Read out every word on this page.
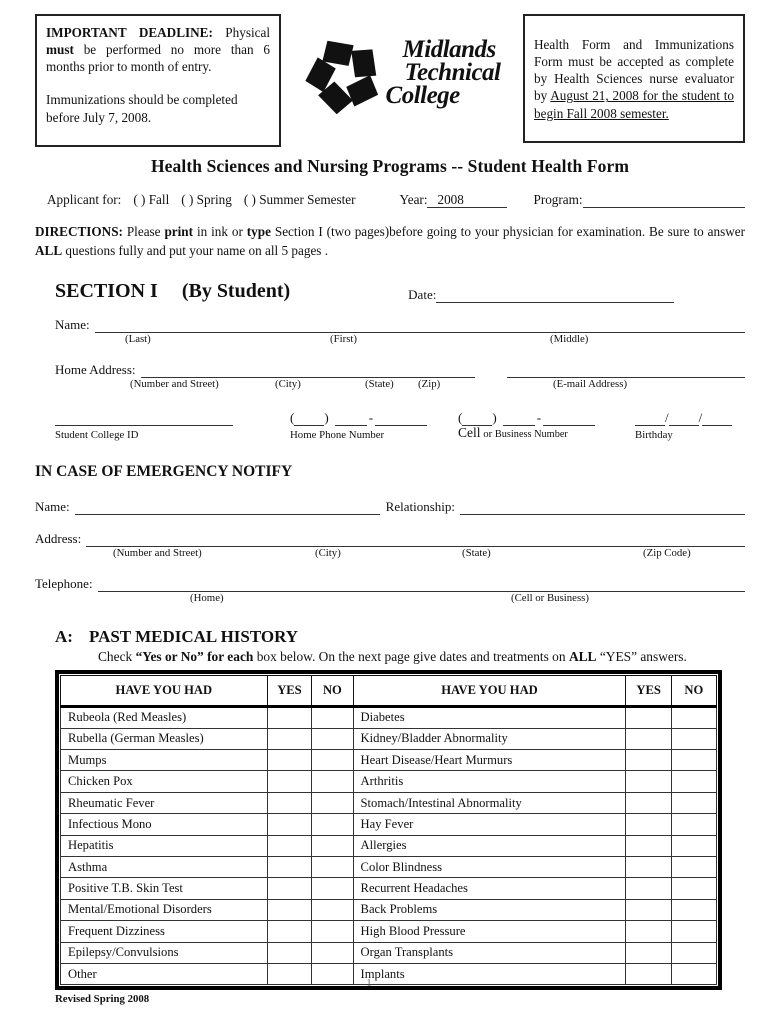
IMPORTANT DEADLINE: Physical must be performed no more than 6 months prior to month of entry.

Immunizations should be completed before July 7, 2008.

Midlands
Technical
College

Health Form and Immunizations Form must be accepted as complete by Health Sciences nurse evaluator by August 21, 2008 for the student to begin Fall 2008 semester.

Health Sciences and Nursing Programs -- Student Health Form
Applicant for: ( ) Fall ( ) Spring ( ) Summer Semester	Year: 2008	Program:

DIRECTIONS: Please print in ink or type Section I (two pages)before going to your physician for examination. Be sure to answer ALL questions fully and put your name on all 5 pages .

SECTION I (By Student)	Date:
Name:
(Last)	(First)	(Middle)
Home Address:
(Number and Street)	(City)	(State) (Zip)	(E-mail Address)
Student College ID
( )	-
Home Phone Number
( )	-
Cell or Business Number
/ /
Birthday
IN CASE OF EMERGENCY NOTIFY
Name:	Relationship:
Address:
(Number and Street)	(City)	(State)	(Zip Code)
Telephone:
(Home)	(Cell or Business)
A: PAST MEDICAL HISTORY

Check “Yes or No” for each box below. On the next page give dates and treatments on ALL “YES” answers.

HAVE YOU HAD	YES	NO	HAVE YOU HAD	YES	NO
Rubeola (Red Measles)			Diabetes		
Rubella (German Measles)			Kidney/Bladder Abnormality		
Mumps			Heart Disease/Heart Murmurs		
Chicken Pox			Arthritis		
Rheumatic Fever			Stomach/Intestinal Abnormality		
Infectious Mono			Hay Fever		
Hepatitis			Allergies		
Asthma			Color Blindness		
Positive T.B. Skin Test			Recurrent Headaches		
Mental/Emotional Disorders			Back Problems		
Frequent Dizziness			High Blood Pressure		
Epilepsy/Convulsions			Organ Transplants		
Other			Implants		

Revised Spring 2008

1
